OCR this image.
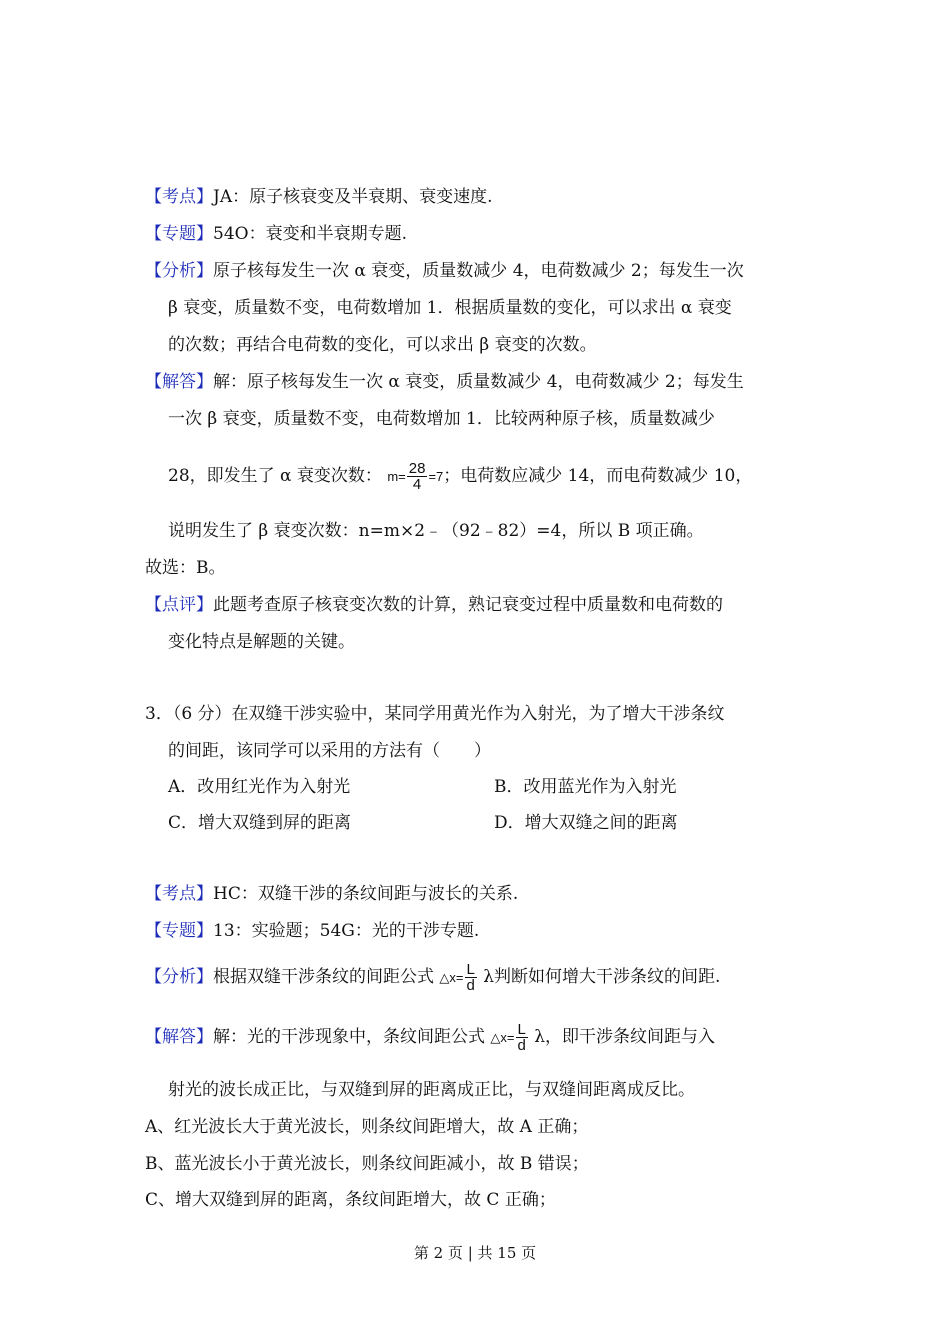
【考点】JA：原子核衰变及半衰期、衰变速度.
【专题】54O：衰变和半衰期专题.
【分析】原子核每发生一次 α 衰变，质量数减少 4，电荷数减少 2；每发生一次
β 衰变，质量数不变，电荷数增加 1．根据质量数的变化，可以求出 α 衰变
的次数；再结合电荷数的变化，可以求出 β 衰变的次数。
【解答】解：原子核每发生一次 α 衰变，质量数减少 4，电荷数减少 2；每发生
一次 β 衰变，质量数不变，电荷数增加 1．比较两种原子核，质量数减少
28，即发生了 α 衰变次数： $m= \frac{28}{4} =7$；电荷数应减少 14，而电荷数减少 10，
说明发生了 β 衰变次数：n=m×2﹣（92﹣82）=4，所以 B 项正确。
故选：B。
【点评】此题考查原子核衰变次数的计算，熟记衰变过程中质量数和电荷数的
变化特点是解题的关键。
3．（6 分）在双缝干涉实验中，某同学用黄光作为入射光，为了增大干涉条纹
的间距，该同学可以采用的方法有（　　）
A．改用红光作为入射光	B．改用蓝光作为入射光
C．增大双缝到屏的距离	D．增大双缝之间的距离
【考点】HC：双缝干涉的条纹间距与波长的关系.
【专题】13：实验题；54G：光的干涉专题.
【分析】根据双缝干涉条纹的间距公式 △x= $\frac{L}{d}$ λ判断如何增大干涉条纹的间距.
【解答】解：光的干涉现象中，条纹间距公式 △x= $\frac{L}{d}$ λ，即干涉条纹间距与入
射光的波长成正比，与双缝到屏的距离成正比，与双缝间距离成反比。
A、红光波长大于黄光波长，则条纹间距增大，故 A 正确；
B、蓝光波长小于黄光波长，则条纹间距减小，故 B 错误；
C、增大双缝到屏的距离，条纹间距增大，故 C 正确；
第 2 页 | 共 15 页
